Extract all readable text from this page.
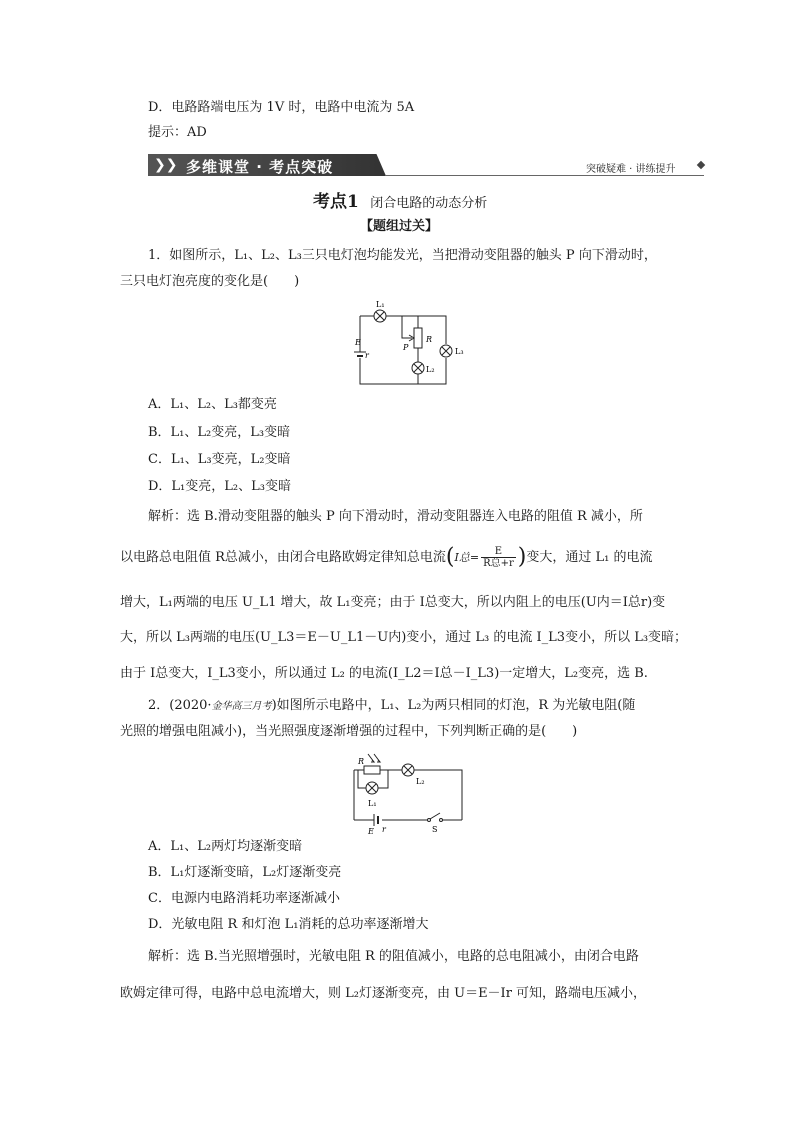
D．电路路端电压为 1V 时，电路中电流为 5A
提示：AD
❯❯ 多维课堂 · 考点突破	突破疑难 · 讲练提升
考点1 闭合电路的动态分析
【题组过关】
1．如图所示，L₁、L₂、L₃三只电灯泡均能发光，当把滑动变阻器的触头 P 向下滑动时，
三只电灯泡亮度的变化是(　　)
L₁
E
r
P
R
L₂
L₃
A．L₁、L₂、L₃都变亮
B．L₁、L₂变亮，L₃变暗
C．L₁、L₃变亮，L₂变暗
D．L₁变亮，L₂、L₃变暗
解析：选 B.滑动变阻器的触头 P 向下滑动时，滑动变阻器连入电路的阻值 R 减小，所
以电路总电阻值 R总减小，由闭合电路欧姆定律知总电流(I总= $\frac{E}{\text{R总+r}}$ )变大，通过 L₁ 的电流
增大，L₁两端的电压 U_L1 增大，故 L₁变亮；由于 I总变大，所以内阻上的电压(U内＝I总r)变
大，所以 L₃两端的电压(U_L3＝E－U_L1－U内)变小，通过 L₃ 的电流 I_L3变小，所以 L₃变暗；
由于 I总变大，I_L3变小，所以通过 L₂ 的电流(I_L2＝I总－I_L3)一定增大，L₂变亮，选 B.
2．(2020·金华高三月考)如图所示电路中，L₁、L₂为两只相同的灯泡，R 为光敏电阻(随
光照的增强电阻减小)，当光照强度逐渐增强的过程中，下列判断正确的是(　　)
R
L₁
L₂
E r	S
A．L₁、L₂两灯均逐渐变暗
B．L₁灯逐渐变暗，L₂灯逐渐变亮
C．电源内电路消耗功率逐渐减小
D．光敏电阻 R 和灯泡 L₁消耗的总功率逐渐增大
解析：选 B.当光照增强时，光敏电阻 R 的阻值减小，电路的总电阻减小，由闭合电路
欧姆定律可得，电路中总电流增大，则 L₂灯逐渐变亮，由 U＝E－Ir 可知，路端电压减小，
